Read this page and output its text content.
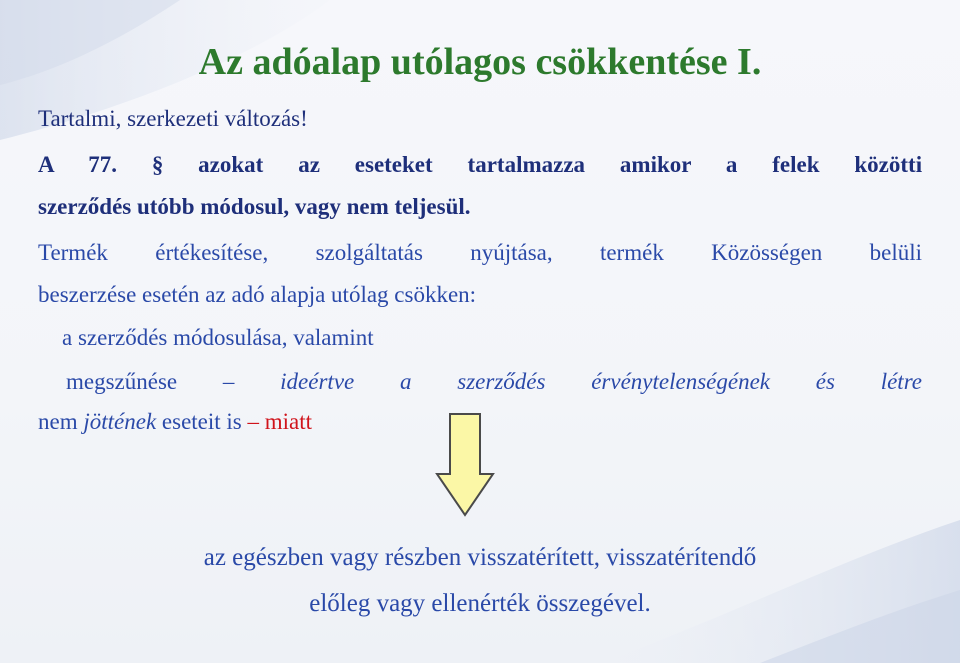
Az adóalap utólagos csökkentése I.
Tartalmi, szerkezeti változás!
A 77. § azokat az eseteket tartalmazza amikor a felek közötti
szerződés utóbb módosul, vagy nem teljesül.
Termék értékesítése, szolgáltatás nyújtása, termék Közösségen belüli
beszerzése esetén az adó alapja utólag csökken:
a szerződés módosulása, valamint
megszűnése – ideértve a szerződés érvénytelenségének és létre
nem jöttének eseteit is – miatt
az egészben vagy részben visszatérített, visszatérítendő
előleg vagy ellenérték összegével.
